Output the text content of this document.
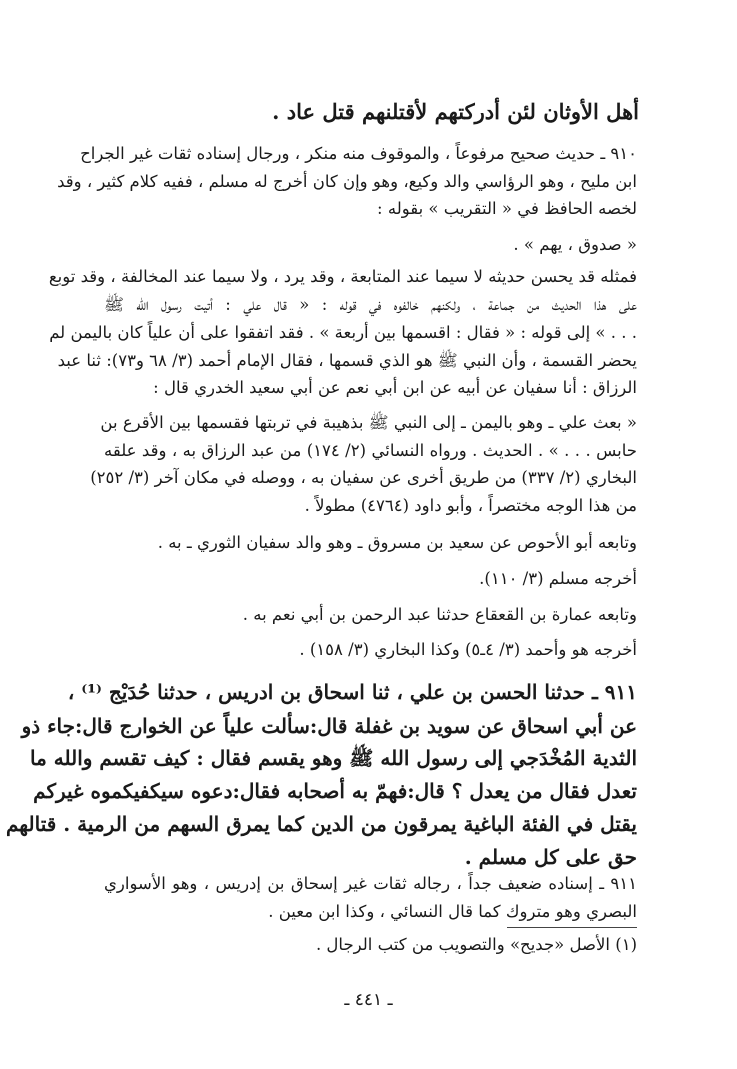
أهل الأوثان لئن أدركتهم لأقتلنهم قتل عاد .
٩١٠ ـ حديث صحيح مرفوعاً ، والموقوف منه منكر ، ورجال إسناده ثقات غير الجراح
ابن مليح ، وهو الرؤاسي والد وكيع، وهو وإن كان أخرج له مسلم ، ففيه كلام كثير ، وقد
لخصه الحافظ في « التقريب » بقوله :
« صدوق ، يهم » .
فمثله قد يحسن حديثه لا سيما عند المتابعة ، وقد يرد ، ولا سيما عند المخالفة ، وقد توبع
على هذا الحديث من جماعة ، ولكنهم خالفوه في قوله : « قال علي : أتيت رسول الله ﷺ
. . . » إلى قوله : « فقال : اقسمها بين أربعة » . فقد اتفقوا على أن علياً كان باليمن لم
يحضر القسمة ، وأن النبي ﷺ هو الذي قسمها ، فقال الإمام أحمد (٣/ ٦٨ و٧٣): ثنا عبد
الرزاق : أنا سفيان عن أبيه عن ابن أبي نعم عن أبي سعيد الخدري قال :
« بعث علي ـ وهو باليمن ـ إلى النبي ﷺ بذهيبة في تربتها فقسمها بين الأقرع بن
حابس . . . » . الحديث . ورواه النسائي (٢/ ١٧٤) من عبد الرزاق به ، وقد علقه
البخاري (٢/ ٣٣٧) من طريق أخرى عن سفيان به ، ووصله في مكان آخر (٣/ ٢٥٢)
من هذا الوجه مختصراً ، وأبو داود (٤٧٦٤) مطولاً .
وتابعه أبو الأحوص عن سعيد بن مسروق ـ وهو والد سفيان الثوري ـ به .
أخرجه مسلم (٣/ ١١٠).
وتابعه عمارة بن القعقاع حدثنا عبد الرحمن بن أبي نعم به .
أخرجه هو وأحمد (٣/ ٤ـ٥) وكذا البخاري (٣/ ١٥٨) .
٩١١ ـ حدثنا الحسن بن علي ، ثنا اسحاق بن ادريس ، حدثنا حُدَيْج ⁽¹⁾ ،
عن أبي اسحاق عن سويد بن غفلة قال:سألت علياً عن الخوارج قال:جاء ذو
الثدية المُخْدَجي إلى رسول الله ﷺ وهو يقسم فقال : كيف تقسم والله ما
تعدل فقال من يعدل ؟ قال:فهمّ به أصحابه فقال:دعوه سيكفيكموه غيركم
يقتل في الفئة الباغية يمرقون من الدين كما يمرق السهم من الرمية . قتالهم
حق على كل مسلم .
٩١١ ـ إسناده ضعيف جداً ، رجاله ثقات غير إسحاق بن إدريس ، وهو الأسواري
البصري وهو متروك كما قال النسائي ، وكذا ابن معين .
(١) الأصل «جديح» والتصويب من كتب الرجال .
ـ ٤٤١ ـ
